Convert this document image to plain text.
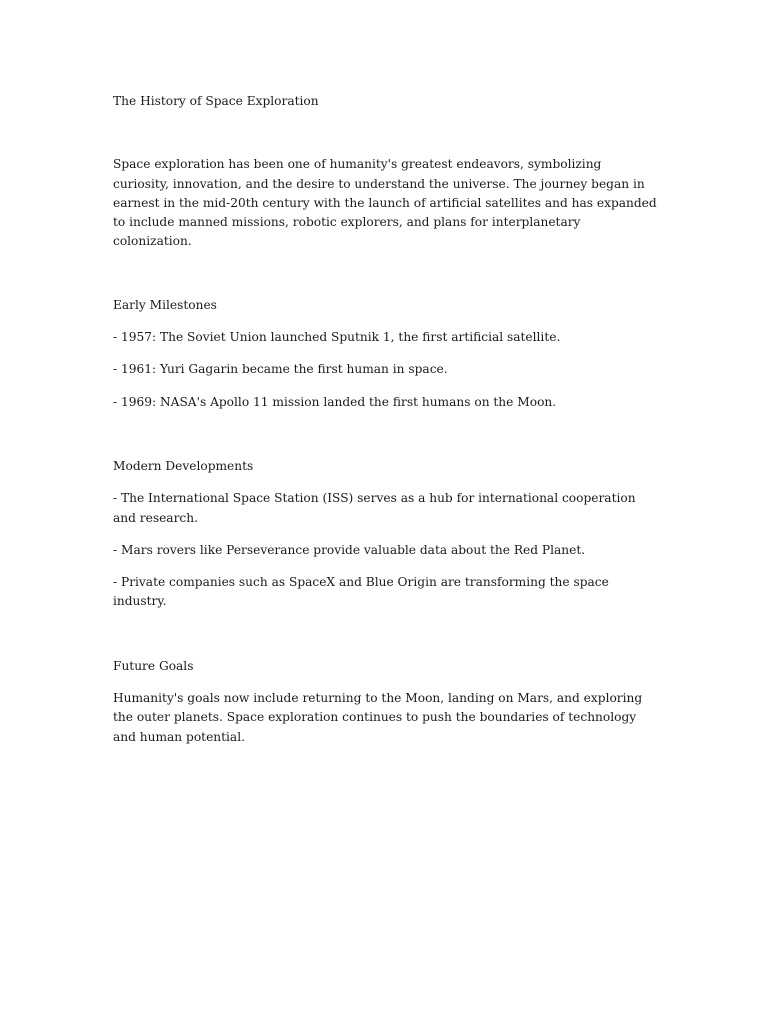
The History of Space Exploration

Space exploration has been one of humanity's greatest endeavors, symbolizing curiosity, innovation, and the desire to understand the universe. The journey began in earnest in the mid-20th century with the launch of artificial satellites and has expanded to include manned missions, robotic explorers, and plans for interplanetary colonization.

Early Milestones

- 1957: The Soviet Union launched Sputnik 1, the first artificial satellite.

- 1961: Yuri Gagarin became the first human in space.

- 1969: NASA's Apollo 11 mission landed the first humans on the Moon.

Modern Developments

- The International Space Station (ISS) serves as a hub for international cooperation and research.

- Mars rovers like Perseverance provide valuable data about the Red Planet.

- Private companies such as SpaceX and Blue Origin are transforming the space industry.

Future Goals

Humanity's goals now include returning to the Moon, landing on Mars, and exploring the outer planets. Space exploration continues to push the boundaries of technology and human potential.
